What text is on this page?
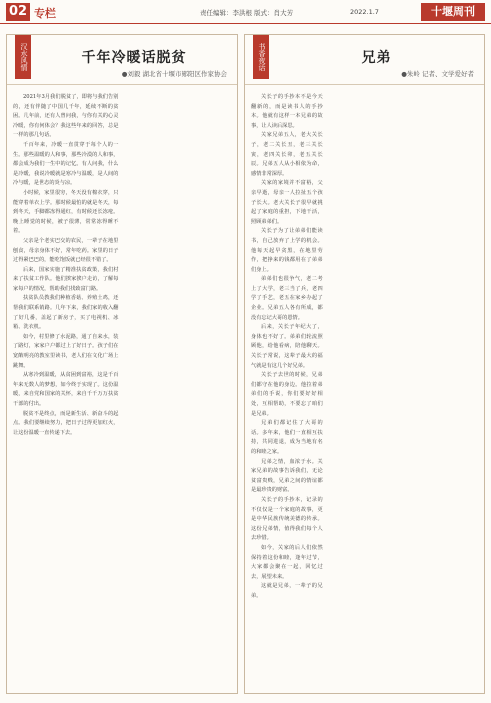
02 专栏	责任编辑：李洪根 版式：肖大芳	2022.1.7	十堰周刊
汉水风情	千年冷暖话脱贫
●刘毅 湖北省十堰市郧阳区作家协会

2021年3月我们脱贫了，即将与我们告别的，还有伴随了中国几千年，延续不断的贫困。几年前，还有人曾问我，与你有关的心灵冷暖，你有何体会？我这些年来的回答，总是一样的那几句话。

千百年来，冷暖一直贯穿于每个人的一生。那些温暖的人和事，那些冷漠的人和事，都会成为我们一生中的记忆。有人问我，什么是冷暖，我说冷暖就是寒冷与温暖，是人间的冷与暖，是世态的炎与凉。

小时候，家里很穷，冬天没有棉衣穿，只能穿着单衣上学。那时候最怕的就是冬天，每到冬天，手脚都冻得通红，有时候还长冻疮。晚上睡觉的时候，被子很薄，常常冻得睡不着。

父亲是个老实巴交的农民，一辈子在地里刨食，母亲身体不好，常年吃药。家里的日子过得紧巴巴的，能吃饱饭就已经很不错了。

后来，国家实施了精准扶贫政策，我们村来了扶贫工作队。他们挨家挨户走访，了解每家每户的情况，帮助我们找致富门路。

扶贫队员教我们种植香菇、养殖土鸡，还帮我们联系销路。几年下来，我们家的收入翻了好几番，盖起了新房子，买了电视机、冰箱、洗衣机。

如今，村里修了水泥路，通了自来水，装了路灯，家家户户都过上了好日子。孩子们在宽敞明亮的教室里读书，老人们在文化广场上跳舞。

从寒冷到温暖，从贫困到富裕，这是千百年来无数人的梦想，如今终于实现了。这份温暖，来自党和国家的关怀，来自千千万万扶贫干部的付出。

脱贫不是终点，而是新生活、新奋斗的起点。我们要继续努力，把日子过得更加红火，让这份温暖一直传递下去。

书香夜话	兄弟
●朱岭 记者、文学爱好者

关长子的手抄本不是今天翻新的，而是读书人的手抄本。他就有这样一本兄弟的故事，让人读后深思。

关家兄弟五人，老大关长子，老二关长丑，老三关长寅，老四关长卯，老五关长辰。兄弟五人从小相依为命，感情非常深厚。

关家的家境并不富裕，父亲早逝，母亲一人拉扯五个孩子长大。老大关长子很早就挑起了家庭的重担，下地干活，照顾弟弟们。

关长子为了让弟弟们能读书，自己放弃了上学的机会。他每天起早贪黑，在地里劳作，把挣来的钱都用在了弟弟们身上。

弟弟们也很争气，老二考上了大学，老三当了兵，老四学了手艺，老五在家乡办起了企业。兄弟五人各有所成，都没有忘记大哥的恩情。

后来，关长子年纪大了，身体也不好了。弟弟们轮流照顾他，给他看病，陪他聊天。关长子常说，这辈子最大的福气就是有这几个好兄弟。

关长子去世的时候，兄弟们都守在他的身边。他拉着弟弟们的手说，你们要好好相处，互相帮助，不要忘了咱们是兄弟。

兄弟们都记住了大哥的话。多年来，他们一直相互扶持，共同进退，成为当地有名的和睦之家。

兄弟之情，血浓于水。关家兄弟的故事告诉我们，无论贫富贵贱，兄弟之间的情谊都是最珍贵的财富。

关长子的手抄本，记录的不仅仅是一个家庭的故事，更是中华民族传统美德的传承。这份兄弟情，值得我们每个人去珍惜。

如今，关家的后人们依然保持着这份和睦，逢年过节，大家都会聚在一起，回忆过去，展望未来。

这就是兄弟，一辈子的兄弟。
